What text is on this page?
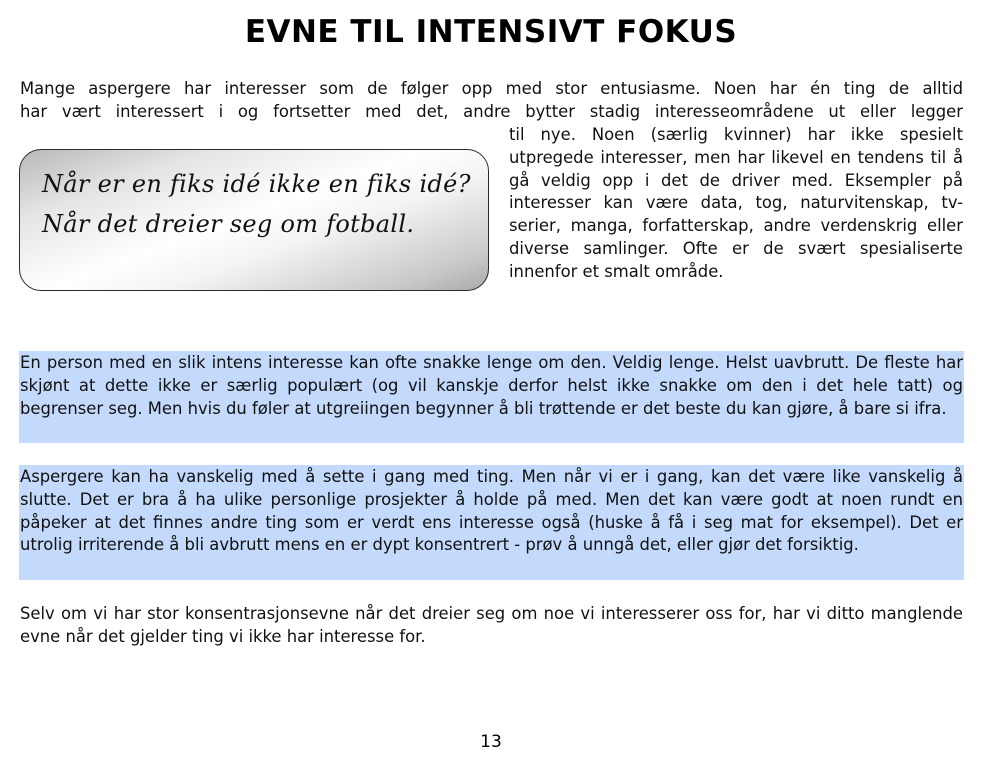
EVNE TIL INTENSIVT FOKUS
Mange aspergere har interesser som de følger opp med stor entusiasme. Noen har én ting de alltid
har vært interessert i og fortsetter med det, andre bytter stadig interesseområdene ut eller legger
til nye. Noen (særlig kvinner) har ikke spesielt utpregede interesser, men har likevel en tendens til å gå veldig opp i det de driver med. Eksempler på interesser kan være data, tog, naturvitenskap, tv-serier, manga, forfatterskap, andre verdenskrig eller diverse samlinger. Ofte er de svært spesialiserte innenfor et smalt område.
Når er en fiks idé ikke en fiks idé? Når det dreier seg om fotball.
En person med en slik intens interesse kan ofte snakke lenge om den. Veldig lenge. Helst uavbrutt. De fleste har skjønt at dette ikke er særlig populært (og vil kanskje derfor helst ikke snakke om den i det hele tatt) og begrenser seg. Men hvis du føler at utgreiingen begynner å bli trøttende er det beste du kan gjøre, å bare si ifra.
Aspergere kan ha vanskelig med å sette i gang med ting. Men når vi er i gang, kan det være like vanskelig å slutte. Det er bra å ha ulike personlige prosjekter å holde på med. Men det kan være godt at noen rundt en påpeker at det finnes andre ting som er verdt ens interesse også (huske å få i seg mat for eksempel). Det er utrolig irriterende å bli avbrutt mens en er dypt konsentrert - prøv å unngå det, eller gjør det forsiktig.
Selv om vi har stor konsentrasjonsevne når det dreier seg om noe vi interesserer oss for, har vi ditto manglende evne når det gjelder ting vi ikke har interesse for.
13
